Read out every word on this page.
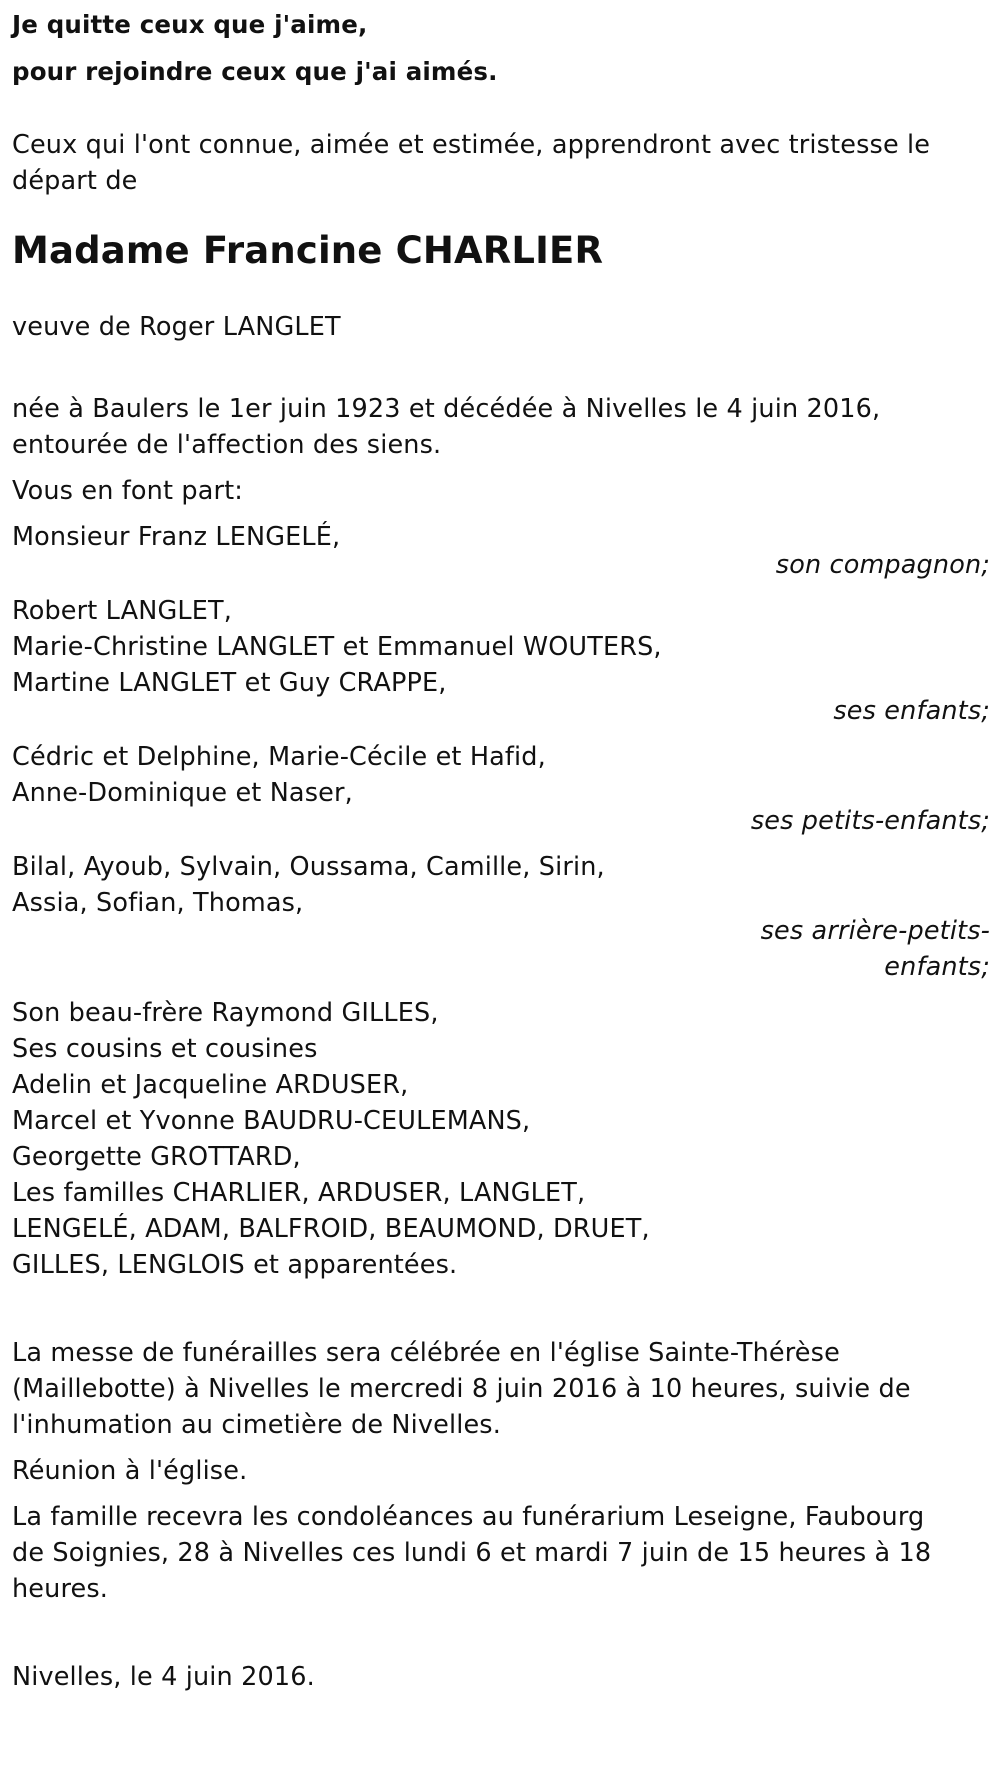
Je quitte ceux que j'aime,
pour rejoindre ceux que j'ai aimés.
Ceux qui l'ont connue, aimée et estimée, apprendront avec tristesse le
départ de
Madame Francine CHARLIER
veuve de Roger LANGLET
née à Baulers le 1er juin 1923 et décédée à Nivelles le 4 juin 2016,
entourée de l'affection des siens.
Vous en font part:
Monsieur Franz LENGELÉ,
son compagnon;
Robert LANGLET,
Marie-Christine LANGLET et Emmanuel WOUTERS,
Martine LANGLET et Guy CRAPPE,
ses enfants;
Cédric et Delphine, Marie-Cécile et Hafid,
Anne-Dominique et Naser,
ses petits-enfants;
Bilal, Ayoub, Sylvain, Oussama, Camille, Sirin,
Assia, Sofian, Thomas,
ses arrière-petits-
enfants;
Son beau-frère Raymond GILLES,
Ses cousins et cousines
Adelin et Jacqueline ARDUSER,
Marcel et Yvonne BAUDRU-CEULEMANS,
Georgette GROTTARD,
Les familles CHARLIER, ARDUSER, LANGLET,
LENGELÉ, ADAM, BALFROID, BEAUMOND, DRUET,
GILLES, LENGLOIS et apparentées.
La messe de funérailles sera célébrée en l'église Sainte-Thérèse
(Maillebotte) à Nivelles le mercredi 8 juin 2016 à 10 heures, suivie de
l'inhumation au cimetière de Nivelles.
Réunion à l'église.
La famille recevra les condoléances au funérarium Leseigne, Faubourg
de Soignies, 28 à Nivelles ces lundi 6 et mardi 7 juin de 15 heures à 18
heures.
Nivelles, le 4 juin 2016.
